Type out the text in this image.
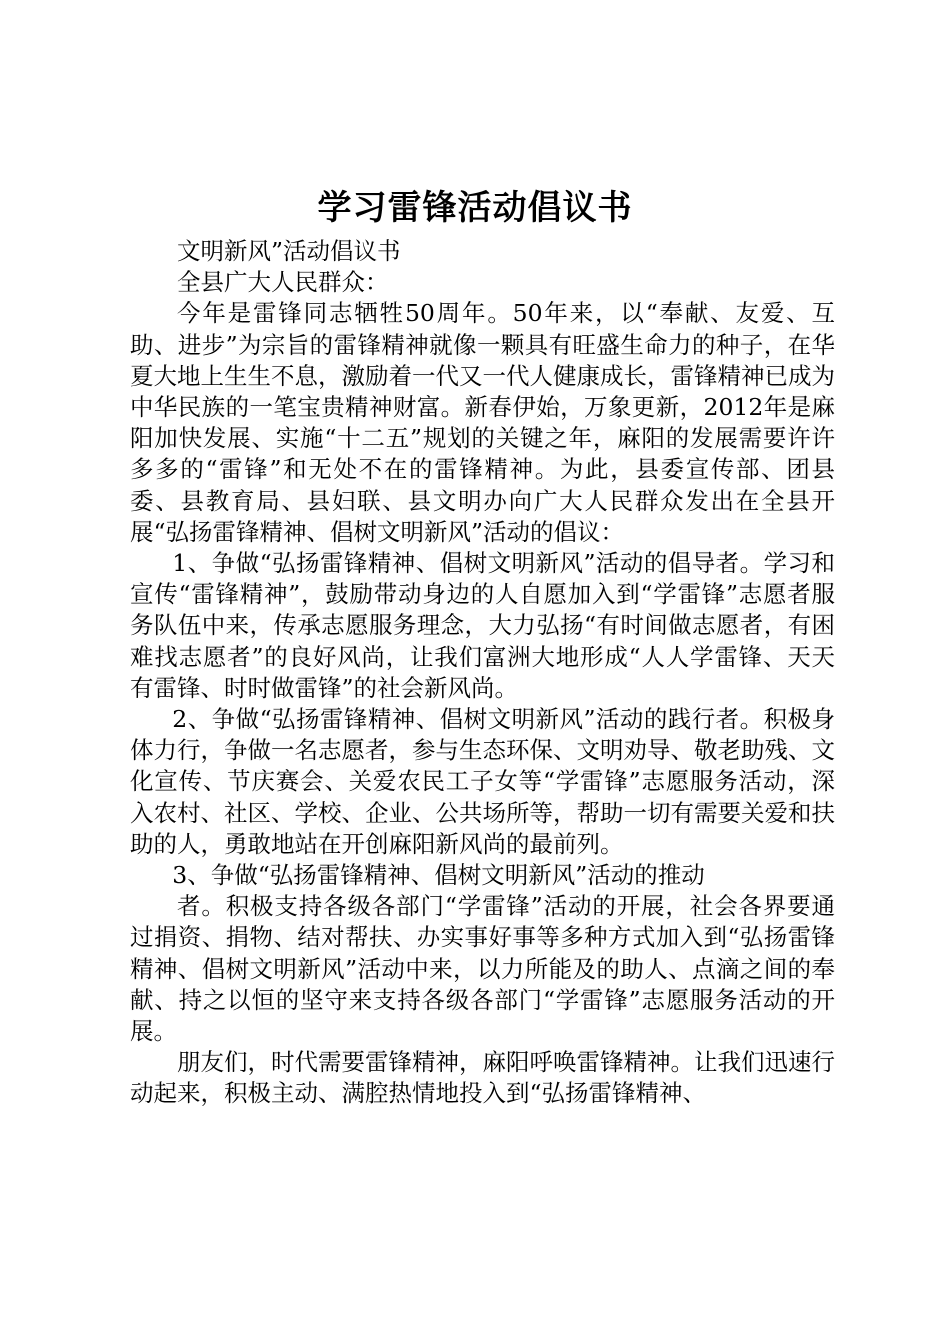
学习雷锋活动倡议书

文明新风”活动倡议书

全县广大人民群众：

今年是雷锋同志牺牲50周年。50年来，以“奉献、友爱、互助、进步”为宗旨的雷锋精神就像一颗具有旺盛生命力的种子，在华夏大地上生生不息，激励着一代又一代人健康成长，雷锋精神已成为中华民族的一笔宝贵精神财富。新春伊始，万象更新，2012年是麻阳加快发展、实施“十二五”规划的关键之年，麻阳的发展需要许许多多的“雷锋”和无处不在的雷锋精神。为此，县委宣传部、团县委、县教育局、县妇联、县文明办向广大人民群众发出在全县开展“弘扬雷锋精神、倡树文明新风”活动的倡议：

1、争做“弘扬雷锋精神、倡树文明新风”活动的倡导者。学习和宣传“雷锋精神”，鼓励带动身边的人自愿加入到“学雷锋”志愿者服务队伍中来，传承志愿服务理念，大力弘扬“有时间做志愿者，有困难找志愿者”的良好风尚，让我们富洲大地形成“人人学雷锋、天天有雷锋、时时做雷锋”的社会新风尚。

2、争做“弘扬雷锋精神、倡树文明新风”活动的践行者。积极身体力行，争做一名志愿者，参与生态环保、文明劝导、敬老助残、文化宣传、节庆赛会、关爱农民工子女等“学雷锋”志愿服务活动，深入农村、社区、学校、企业、公共场所等，帮助一切有需要关爱和扶助的人，勇敢地站在开创麻阳新风尚的最前列。

3、争做“弘扬雷锋精神、倡树文明新风”活动的推动

者。积极支持各级各部门“学雷锋”活动的开展，社会各界要通过捐资、捐物、结对帮扶、办实事好事等多种方式加入到“弘扬雷锋精神、倡树文明新风”活动中来，以力所能及的助人、点滴之间的奉献、持之以恒的坚守来支持各级各部门“学雷锋”志愿服务活动的开展。

朋友们，时代需要雷锋精神，麻阳呼唤雷锋精神。让我们迅速行动起来，积极主动、满腔热情地投入到“弘扬雷锋精神、
